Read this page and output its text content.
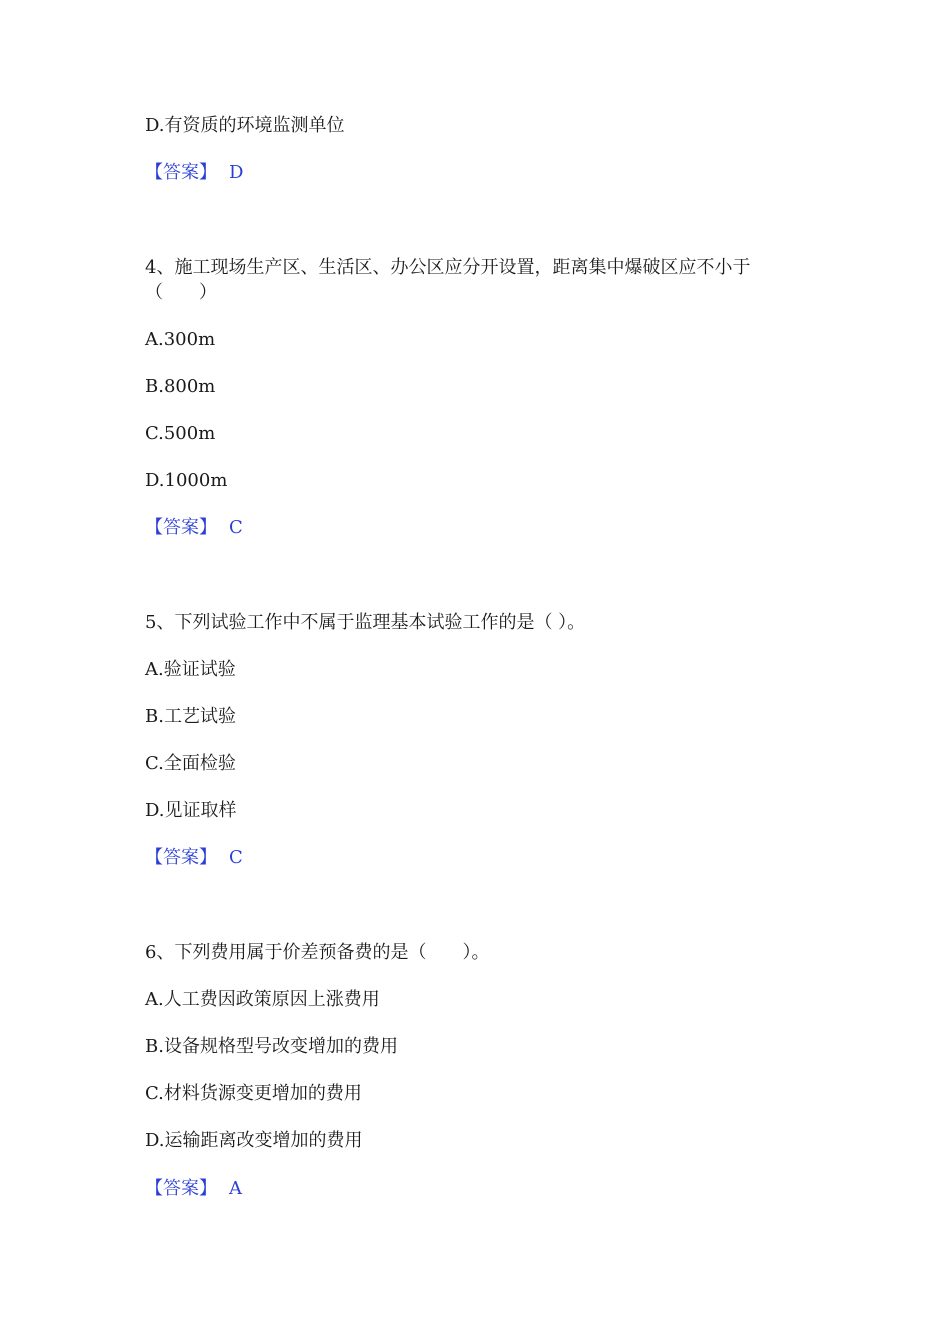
D.有资质的环境监测单位
【答案】 D
4、施工现场生产区、生活区、办公区应分开设置，距离集中爆破区应不小于
（　　）
A.300m
B.800m
C.500m
D.1000m
【答案】 C
5、下列试验工作中不属于监理基本试验工作的是（ ）。
A.验证试验
B.工艺试验
C.全面检验
D.见证取样
【答案】 C
6、下列费用属于价差预备费的是（　　）。
A.人工费因政策原因上涨费用
B.设备规格型号改变增加的费用
C.材料货源变更增加的费用
D.运输距离改变增加的费用
【答案】 A
